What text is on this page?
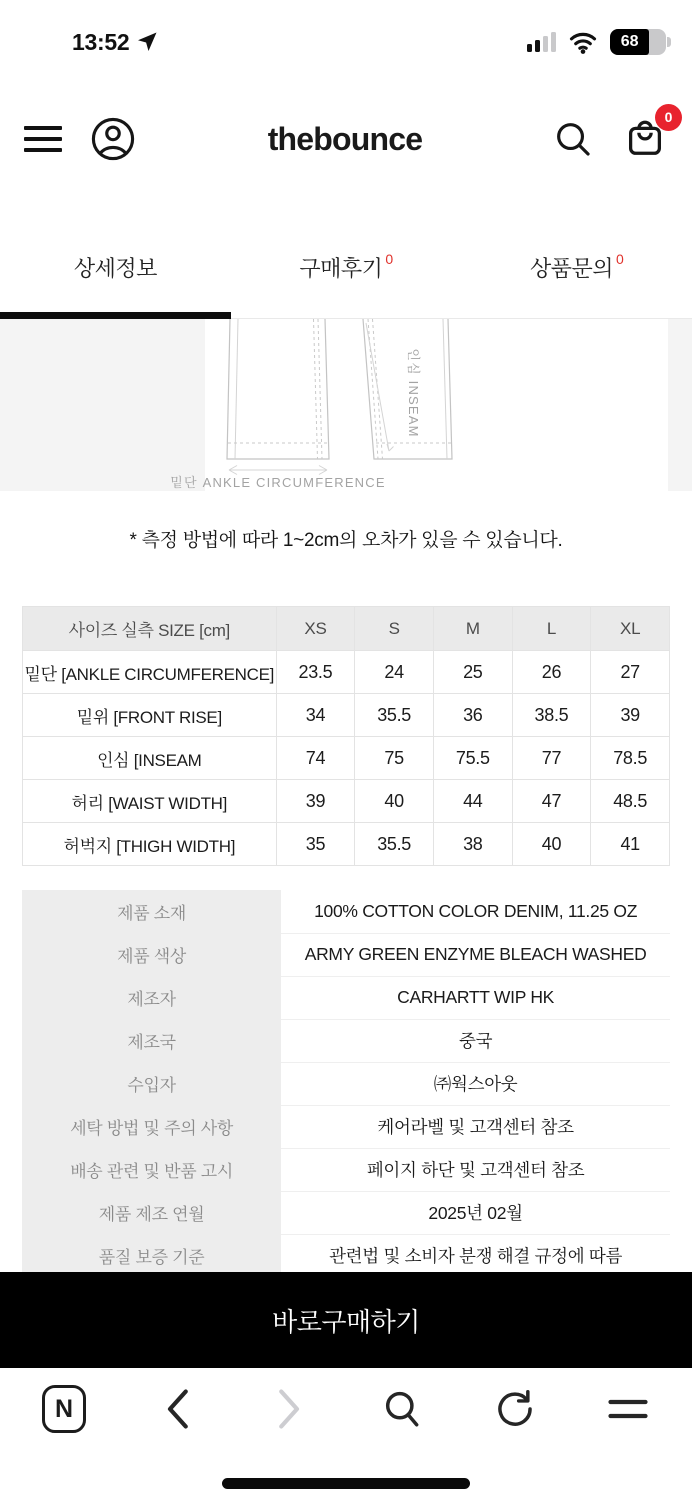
13:52	68
thebounce
0
상세정보	구매후기$^0$	상품문의$^0$
밑단 ANKLE CIRCUMFERENCE
인심 INSEAM

* 측정 방법에 따라 1~2cm의 오차가 있을 수 있습니다.

사이즈 실측 SIZE [cm]	XS	S	M	L	XL
밑단 [ANKLE CIRCUMFERENCE]	23.5	24	25	26	27
밑위 [FRONT RISE]	34	35.5	36	38.5	39
인심 [INSEAM	74	75	75.5	77	78.5
허리 [WAIST WIDTH]	39	40	44	47	48.5
허벅지 [THIGH WIDTH]	35	35.5	38	40	41
제품 소재	100% COTTON COLOR DENIM, 11.25 OZ
제품 색상	ARMY GREEN ENZYME BLEACH WASHED
제조자	CARHARTT WIP HK
제조국	중국
수입자	㈜웍스아웃
세탁 방법 및 주의 사항	케어라벨 및 고객센터 참조
배송 관련 및 반품 고시	페이지 하단 및 고객센터 참조
제품 제조 연월	2025년 02월
품질 보증 기준	관련법 및 소비자 분쟁 해결 규정에 따름
바로구매하기
N
